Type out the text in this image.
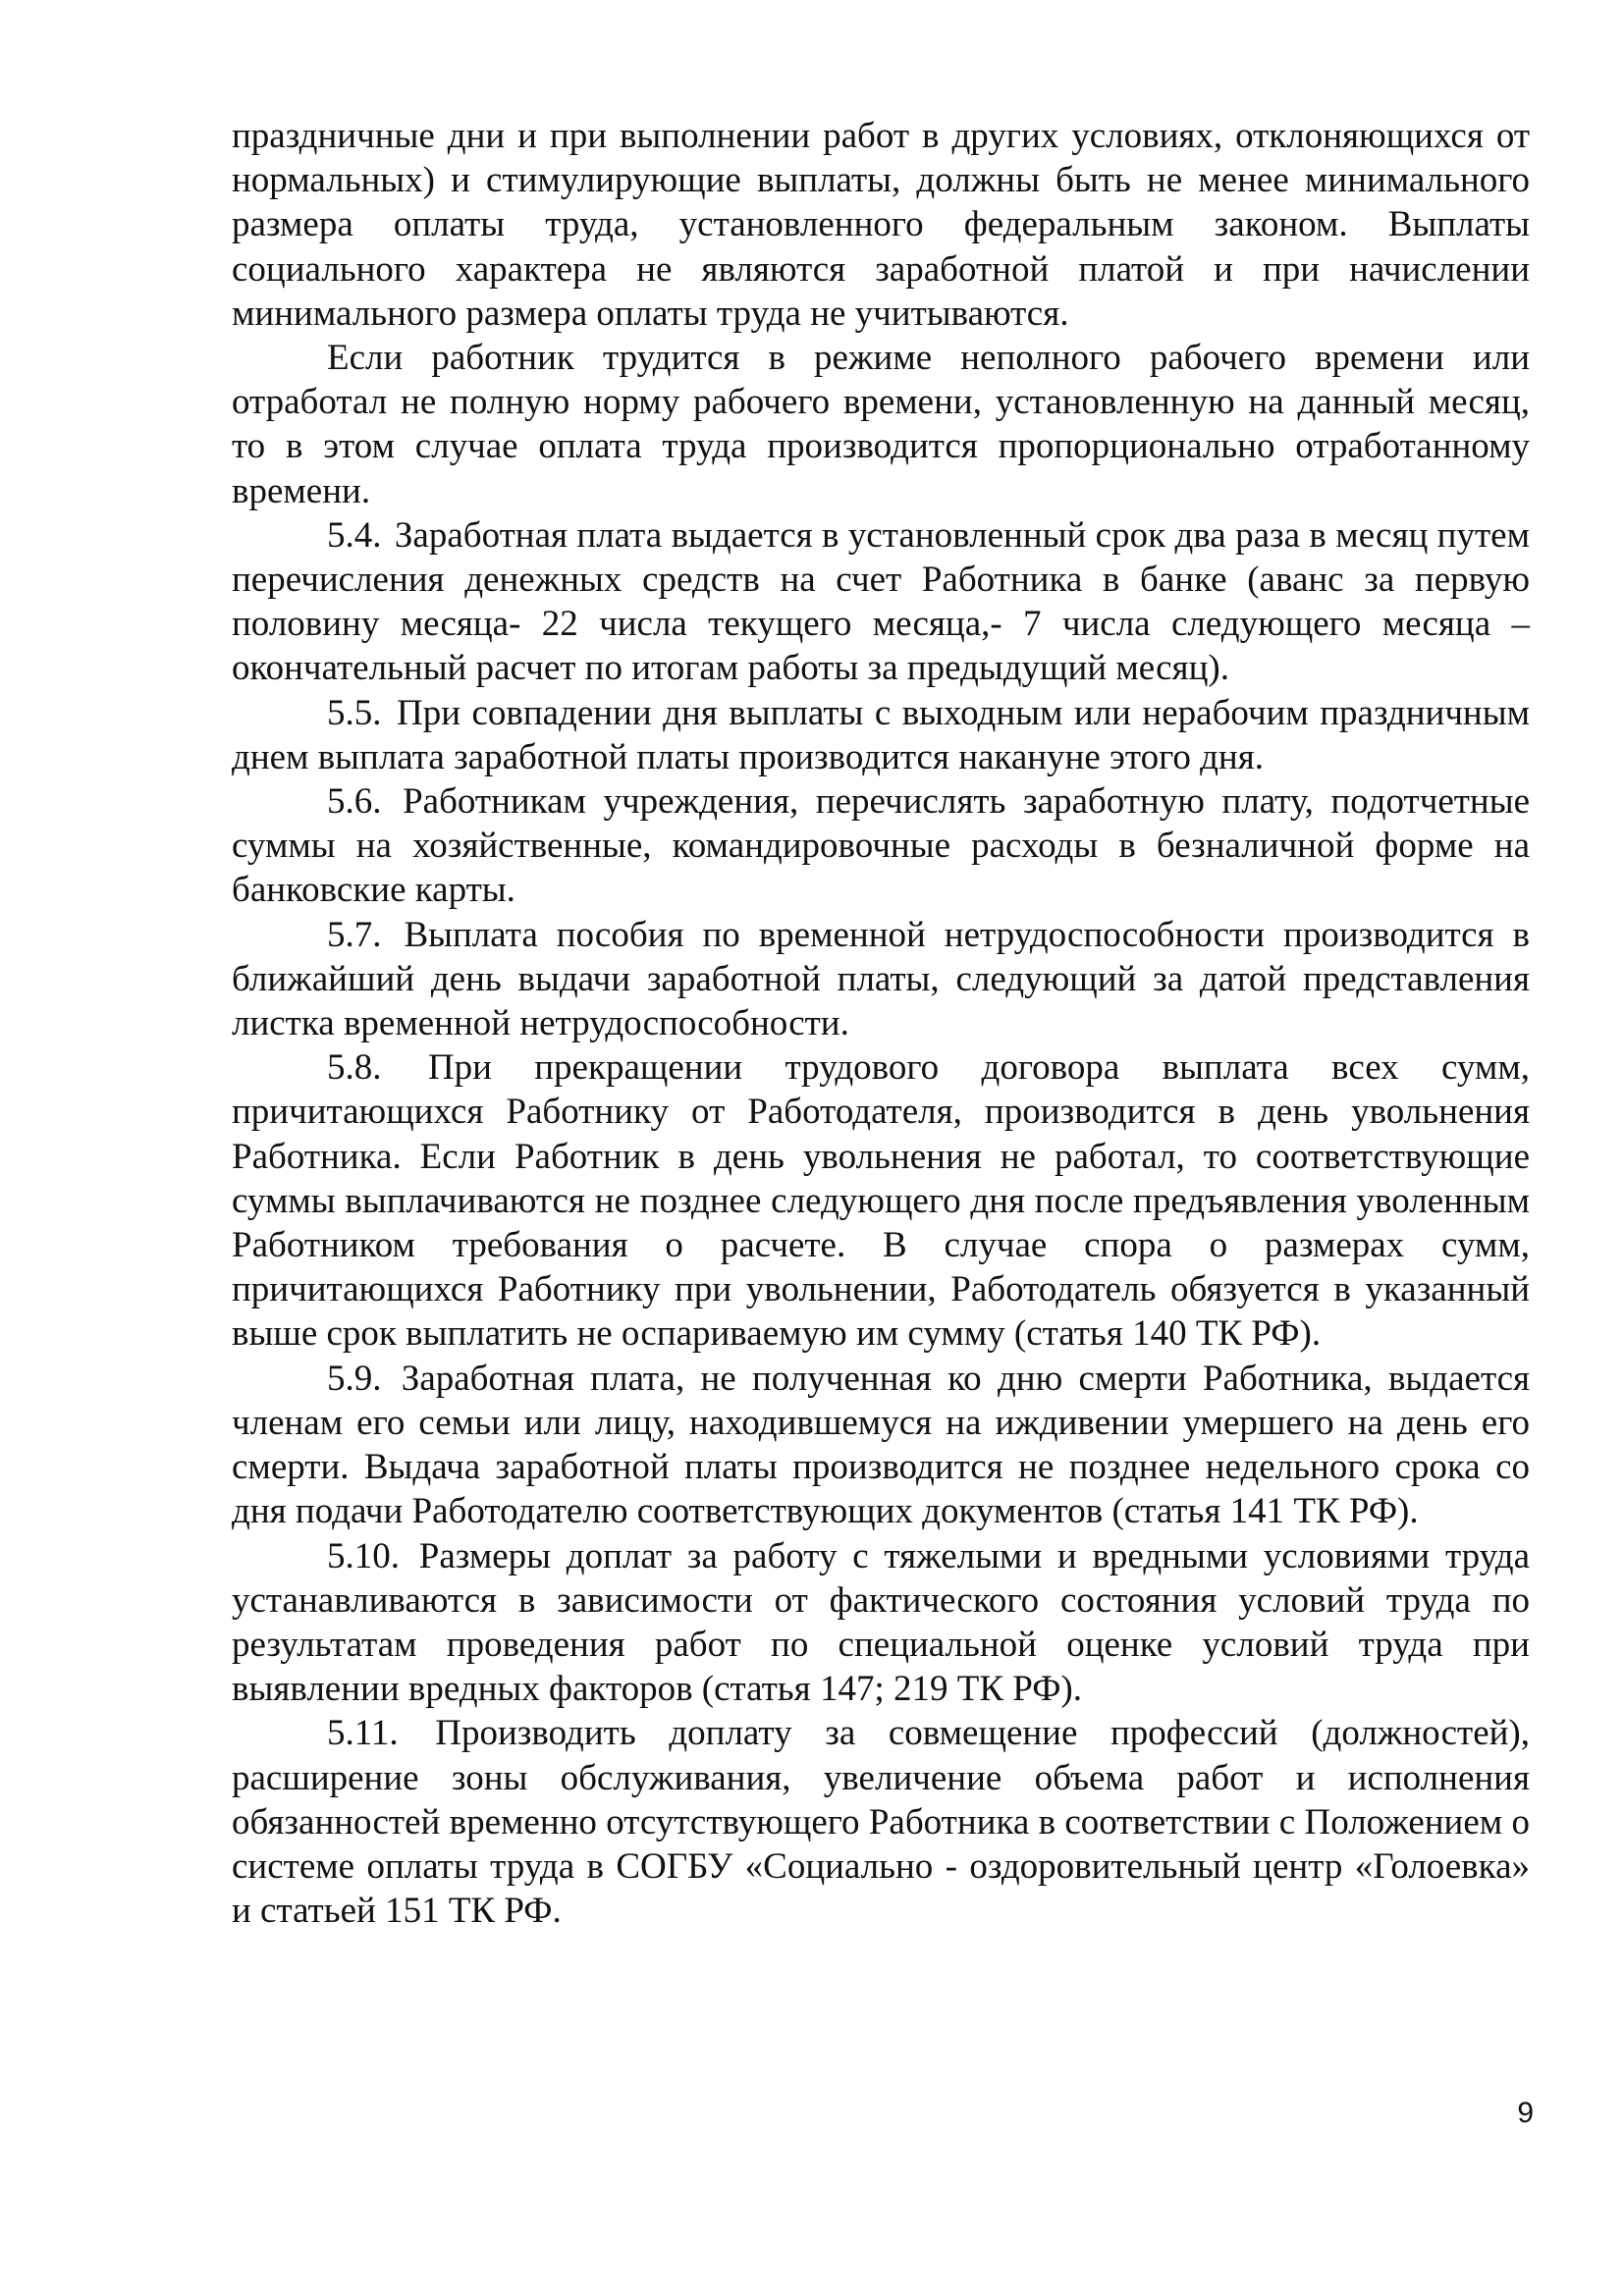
праздничные дни и при выполнении работ в других условиях, отклоняющихся от нормальных) и стимулирующие выплаты, должны быть не менее минимального размера оплаты труда, установленного федеральным законом. Выплаты социального характера не являются заработной платой и при начислении минимального размера оплаты труда не учитываются.

Если работник трудится в режиме неполного рабочего времени или отработал не полную норму рабочего времени, установленную на данный месяц, то в этом случае оплата труда производится пропорционально отработанному времени.

5.4. Заработная плата выдается в установленный срок два раза в месяц путем перечисления денежных средств на счет Работника в банке (аванс за первую половину месяца- 22 числа текущего месяца,- 7 числа следующего месяца – окончательный расчет по итогам работы за предыдущий месяц).

5.5. При совпадении дня выплаты с выходным или нерабочим праздничным днем выплата заработной платы производится накануне этого дня.

5.6. Работникам учреждения, перечислять заработную плату, подотчетные суммы на хозяйственные, командировочные расходы в безналичной форме на банковские карты.

5.7. Выплата пособия по временной нетрудоспособности производится в ближайший день выдачи заработной платы, следующий за датой представления листка временной нетрудоспособности.

5.8. При прекращении трудового договора выплата всех сумм, причитающихся Работнику от Работодателя, производится в день увольнения Работника. Если Работник в день увольнения не работал, то соответствующие суммы выплачиваются не позднее следующего дня после предъявления уволенным Работником требования о расчете. В случае спора о размерах сумм, причитающихся Работнику при увольнении, Работодатель обязуется в указанный выше срок выплатить не оспариваемую им сумму (статья 140 ТК РФ).

5.9. Заработная плата, не полученная ко дню смерти Работника, выдается членам его семьи или лицу, находившемуся на иждивении умершего на день его смерти. Выдача заработной платы производится не позднее недельного срока со дня подачи Работодателю соответствующих документов (статья 141 ТК РФ).

5.10. Размеры доплат за работу с тяжелыми и вредными условиями труда устанавливаются в зависимости от фактического состояния условий труда по результатам проведения работ по специальной оценке условий труда при выявлении вредных факторов (статья 147; 219 ТК РФ).

5.11. Производить доплату за совмещение профессий (должностей), расширение зоны обслуживания, увеличение объема работ и исполнения обязанностей временно отсутствующего Работника в соответствии с Положением о системе оплаты труда в СОГБУ «Социально - оздоровительный центр «Голоевка» и статьей 151 ТК РФ.

9
